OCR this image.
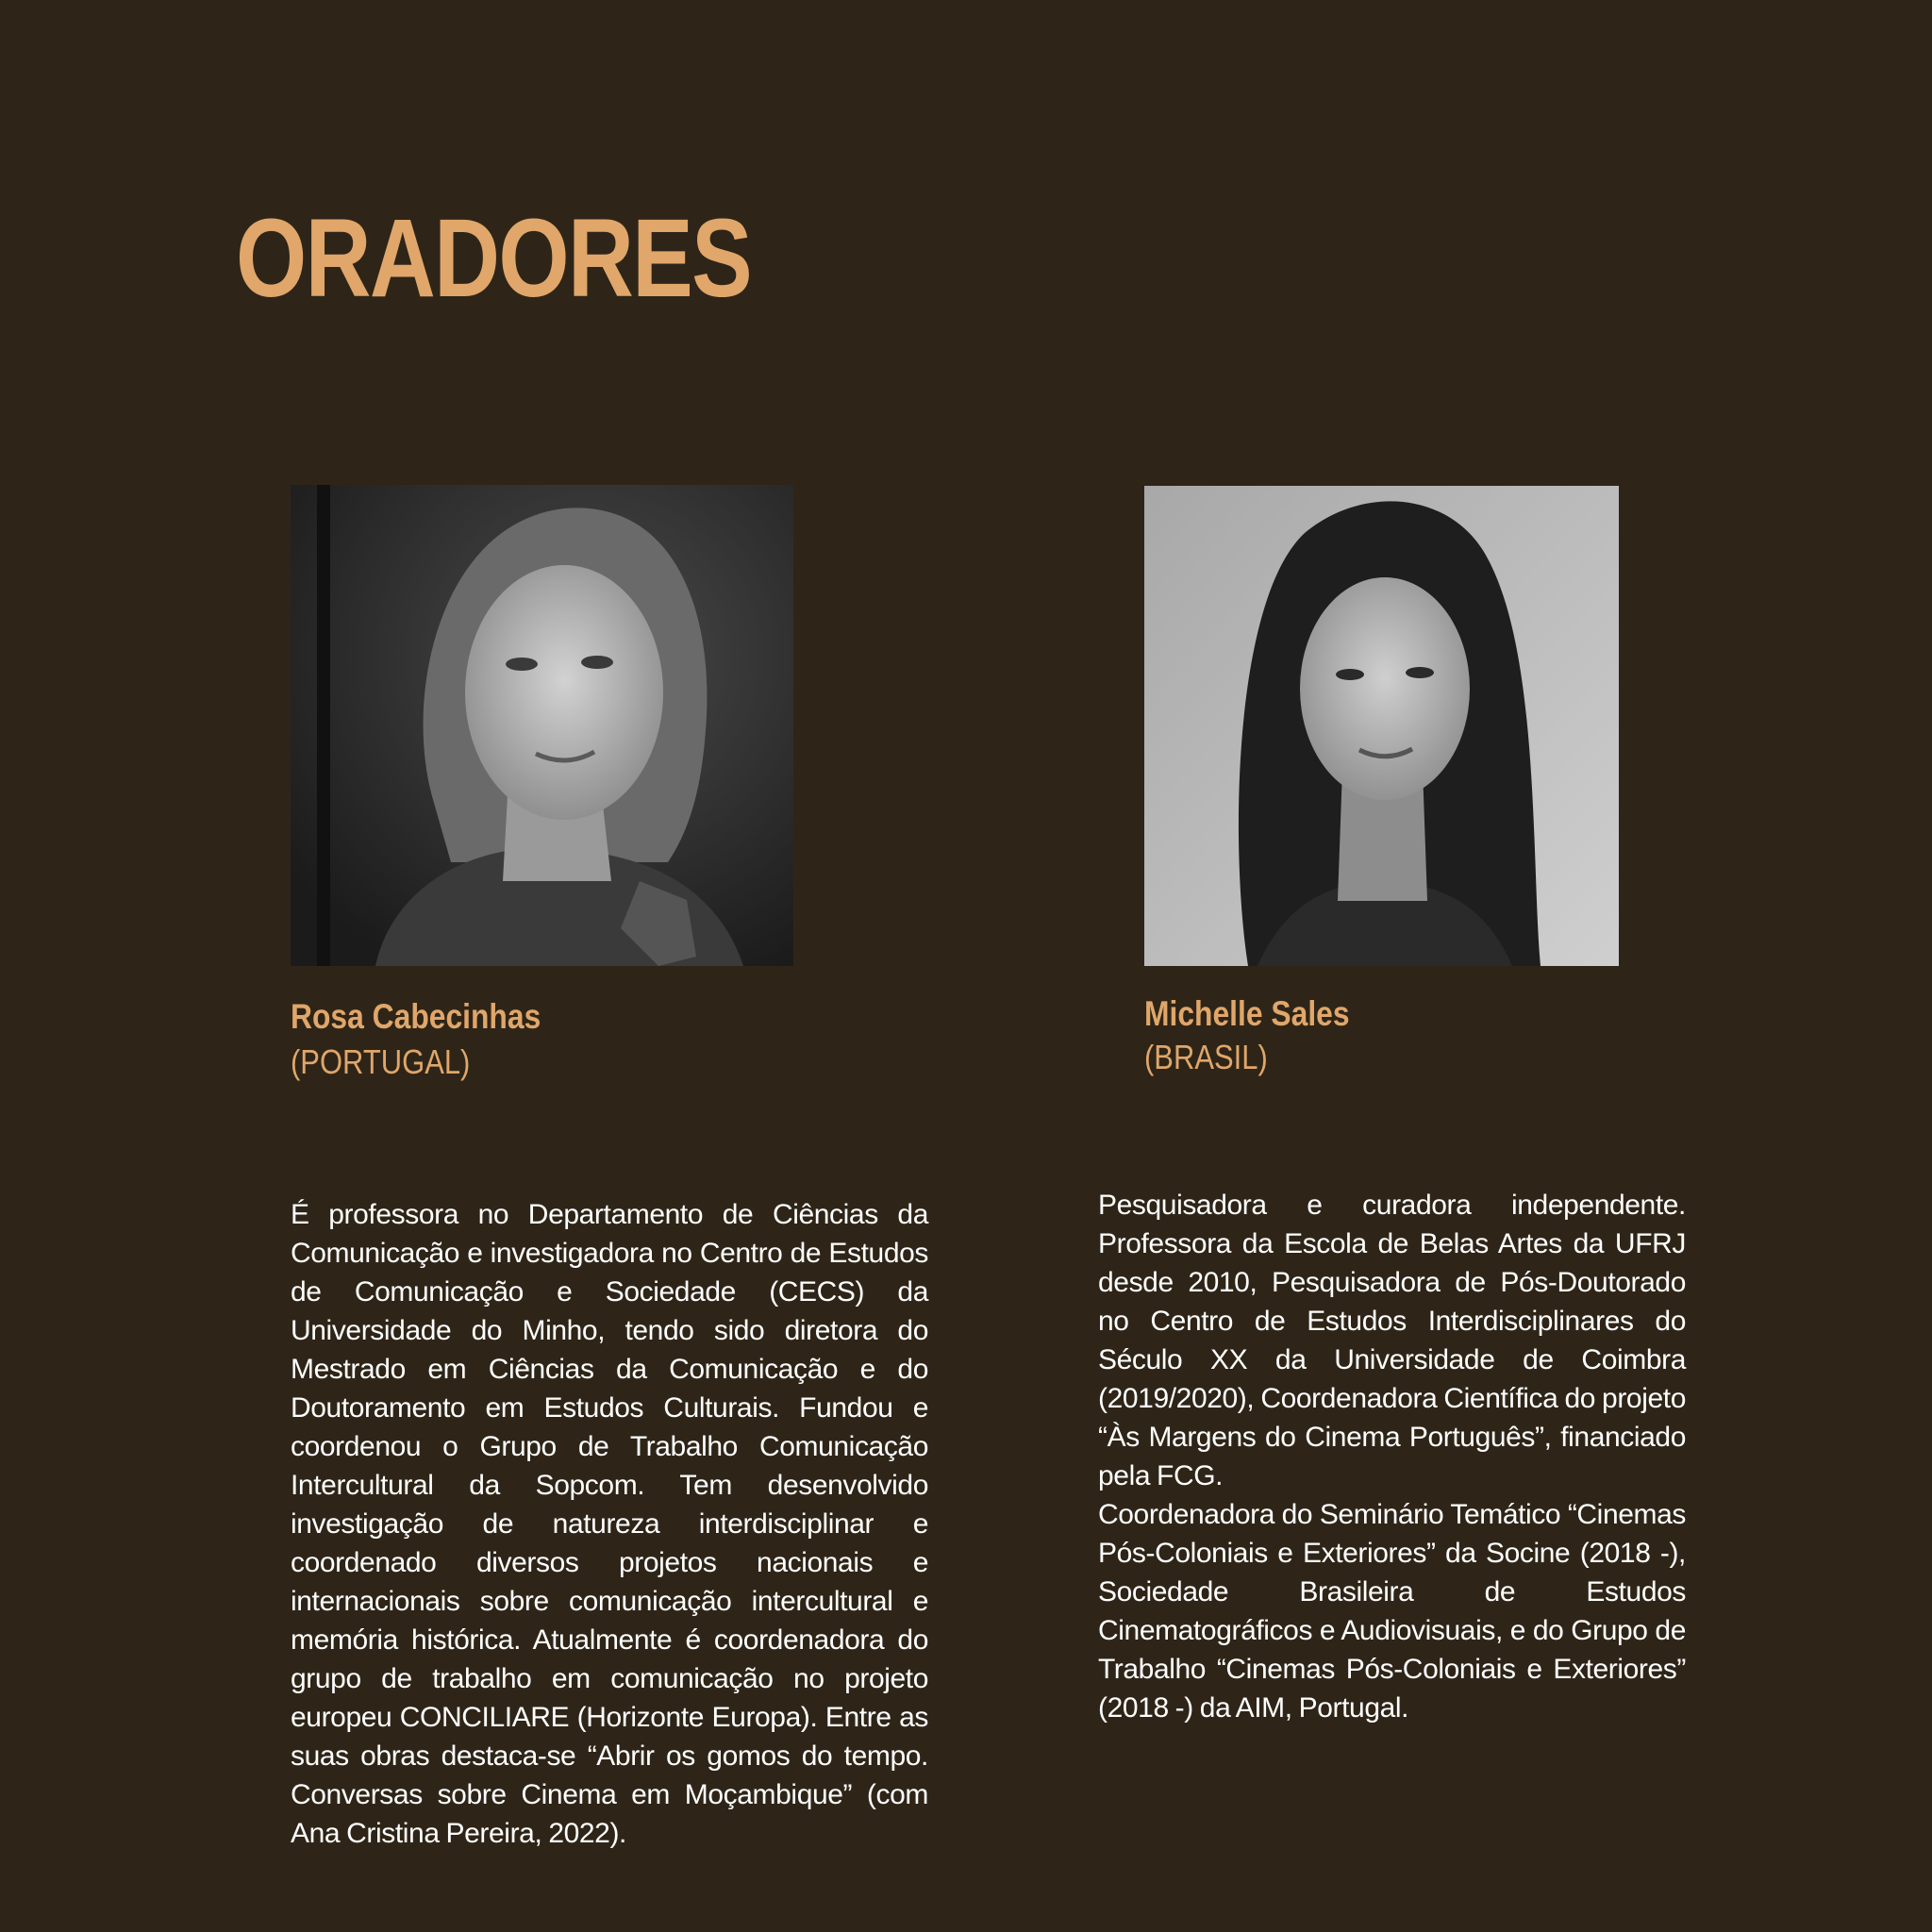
ORADORES

Rosa Cabecinhas

(PORTUGAL)

É professora no Departamento de Ciências da Comunicação e investigadora no Centro de Estudos de Comunicação e Sociedade (CECS) da Universidade do Minho, tendo sido diretora do Mestrado em Ciências da Comunicação e do Doutoramento em Estudos Culturais. Fundou e coordenou o Grupo de Trabalho Comunicação Intercultural da Sopcom. Tem desenvolvido investigação de natureza interdisciplinar e coordenado diversos projetos nacionais e internacionais sobre comunicação intercultural e memória histórica. Atualmente é coordenadora do grupo de trabalho em comunicação no projeto europeu CONCILIARE (Horizonte Europa). Entre as suas obras destaca-se “Abrir os gomos do tempo. Conversas sobre Cinema em Moçambique” (com Ana Cristina Pereira, 2022).

Michelle Sales

(BRASIL)

Pesquisadora e curadora independente. Professora da Escola de Belas Artes da UFRJ desde 2010, Pesquisadora de Pós-Doutorado no Centro de Estudos Interdisciplinares do Século XX da Universidade de Coimbra (2019/2020), Coordenadora Científica do projeto “Às Margens do Cinema Português”, financiado pela FCG.
Coordenadora do Seminário Temático “Cinemas Pós-Coloniais e Exteriores” da Socine (2018 -), Sociedade Brasileira de Estudos Cinematográficos e Audiovisuais, e do Grupo de Trabalho “Cinemas Pós-Coloniais e Exteriores” (2018 -) da AIM, Portugal.
